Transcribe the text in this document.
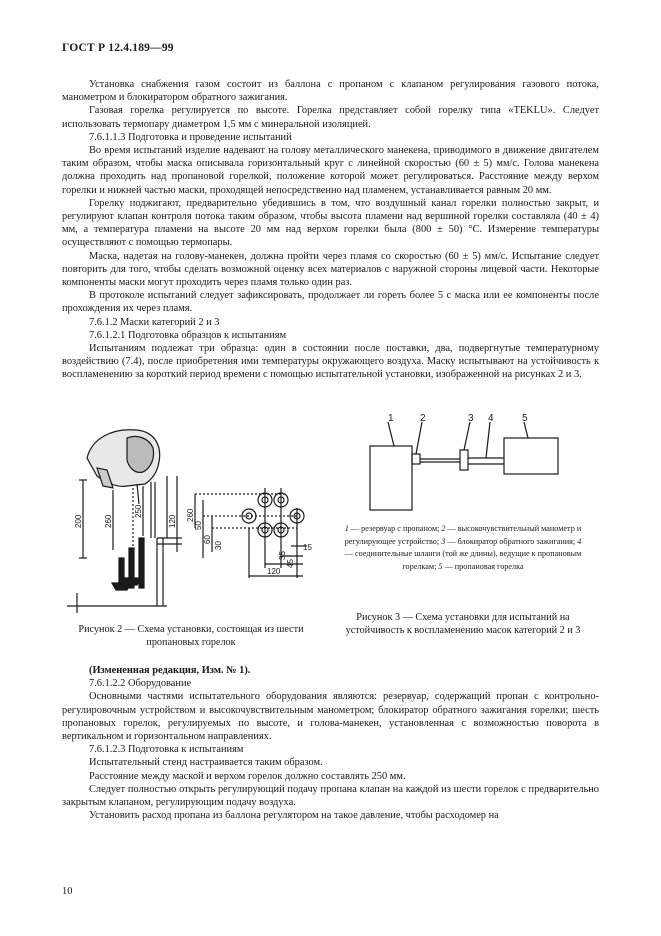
ГОСТ Р 12.4.189—99

Установка снабжения газом состоит из баллона с пропаном с клапаном регулирования газового потока, манометром и блокиратором обратного зажигания.

Газовая горелка регулируется по высоте. Горелка представляет собой горелку типа «TEKLU». Следует использовать термопару диаметром 1,5 мм с минеральной изоляцией.

7.6.1.1.3 Подготовка и проведение испытаний

Во время испытаний изделие надевают на голову металлического манекена, приводимого в движение двигателем таким образом, чтобы маска описывала горизонтальный круг с линейной скоростью (60 ± 5) мм/с. Голова манекена должна проходить над пропановой горелкой, положение которой может регулироваться. Расстояние между верхом горелки и нижней частью маски, проходящей непосредственно над пламенем, устанавливается равным 20 мм.

Горелку поджигают, предварительно убедившись в том, что воздушный канал горелки полностью закрыт, и регулируют клапан контроля потока таким образом, чтобы высота пламени над вершиной горелки составляла (40 ± 4) мм, а температура пламени на высоте 20 мм над верхом горелки была (800 ± 50) °С. Измерение температуры осуществляют с помощью термопары.

Маска, надетая на голову-манекен, должна пройти через пламя со скоростью (60 ± 5) мм/с. Испытание следует повторить для того, чтобы сделать возможной оценку всех материалов с наружной стороны лицевой части. Некоторые компоненты маски могут проходить через пламя только один раз.

В протоколе испытаний следует зафиксировать, продолжает ли гореть более 5 с маска или ее компоненты после прохождения их через пламя.

7.6.1.2 Маски категорий 2 и 3

7.6.1.2.1 Подготовка образцов к испытаниям

Испытаниям подлежат три образца: один в состоянии после поставки, два, подвергнутые температурному воздействию (7.4), после приобретения ими температуры окружающего воздуха. Маску испытывают на устойчивость к воспламенению за короткий период времени с помощью испытательной установки, изображенной на рисунках 2 и 3.

200	260
250
120 260
50
60
30	15
35
45
120
1	2	3 4	5
1 — резервуар с пропаном; 2 — высокочувствительный манометр и регулирующее устройство; 3 — блокиратор обратного зажигания; 4 — соединительные шланги (той же длины), ведущие к пропановым горелкам; 5 — пропановая горелка
Рисунок 2 — Схема установки, состоящая из шести пропановых горелок
Рисунок 3 — Схема установки для испытаний на устойчивость к воспламенению масок категорий 2 и 3

(Измененная редакция, Изм. № 1).

7.6.1.2.2 Оборудование

Основными частями испытательного оборудования являются: резервуар, содержащий пропан с контрольно-регулировочным устройством и высокочувствительным манометром; блокиратор обратного зажигания горелки; шесть пропановых горелок, регулируемых по высоте, и голова-манекен, установленная с возможностью поворота в вертикальном и горизонтальном направлениях.

7.6.1.2.3 Подготовка к испытаниям

Испытательный стенд настраивается таким образом.

Расстояние между маской и верхом горелок должно составлять 250 мм.

Следует полностью открыть регулирующий подачу пропана клапан на каждой из шести горелок с предварительно закрытым клапаном, регулирующим подачу воздуха.

Установить расход пропана из баллона регулятором на такое давление, чтобы расходомер на

10
